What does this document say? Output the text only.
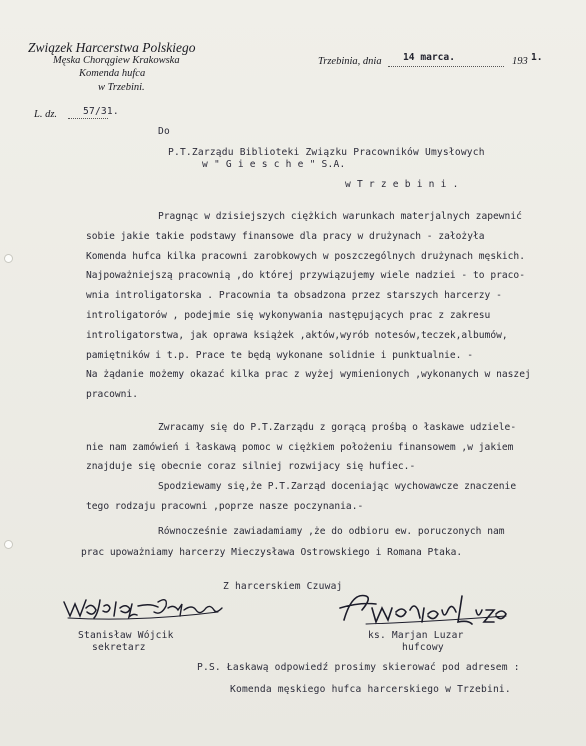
Związek Harcerstwa Polskiego
Męska Chorągiew Krakowska
Komenda hufca
w Trzebini.
L. dz.	57/31.
Trzebinia, dnia 14 marca.	193 1.
Do
P.T.Zarządu Biblioteki Związku Pracowników Umysłowych
w " G i e s c h e " S.A.
w T r z e b i n i .
Pragnąc w dzisiejszych ciężkich warunkach materjalnych zapewnić
sobie jakie takie podstawy finansowe dla pracy w drużynach - założyła
Komenda hufca kilka pracowni zarobkowych w poszczególnych drużynach męskich.
Najpoważniejszą pracownią ,do której przywiązujemy wiele nadziei - to praco-
wnia introligatorska . Pracownia ta obsadzona przez starszych harcerzy -
introligatorów , podejmie się wykonywania następujących prac z zakresu
introligatorstwa, jak oprawa książek ,aktów,wyrób notesów,teczek,albumów,
pamiętników i t.p. Prace te będą wykonane solidnie i punktualnie. -
Na żądanie możemy okazać kilka prac z wyżej wymienionych ,wykonanych w naszej
pracowni.
Zwracamy się do P.T.Zarządu z gorącą prośbą o łaskawe udziele-
nie nam zamówień i łaskawą pomoc w ciężkiem położeniu finansowem ,w jakiem
znajduje się obecnie coraz silniej rozwijacy się hufiec.-
Spodziewamy się,że P.T.Zarząd doceniając wychowawcze znaczenie
tego rodzaju pracowni ,poprze nasze poczynania.-
Równocześnie zawiadamiamy ,że do odbioru ew. poruczonych nam
prac upoważniamy harcerzy Mieczysława Ostrowskiego i Romana Ptaka.
Z harcerskiem Czuwaj
Stanisław Wójcik
sekretarz
ks. Marjan Luzar
hufcowy
P.S. Łaskawą odpowiedź prosimy skierować pod adresem :
Komenda męskiego hufca harcerskiego w Trzebini.
